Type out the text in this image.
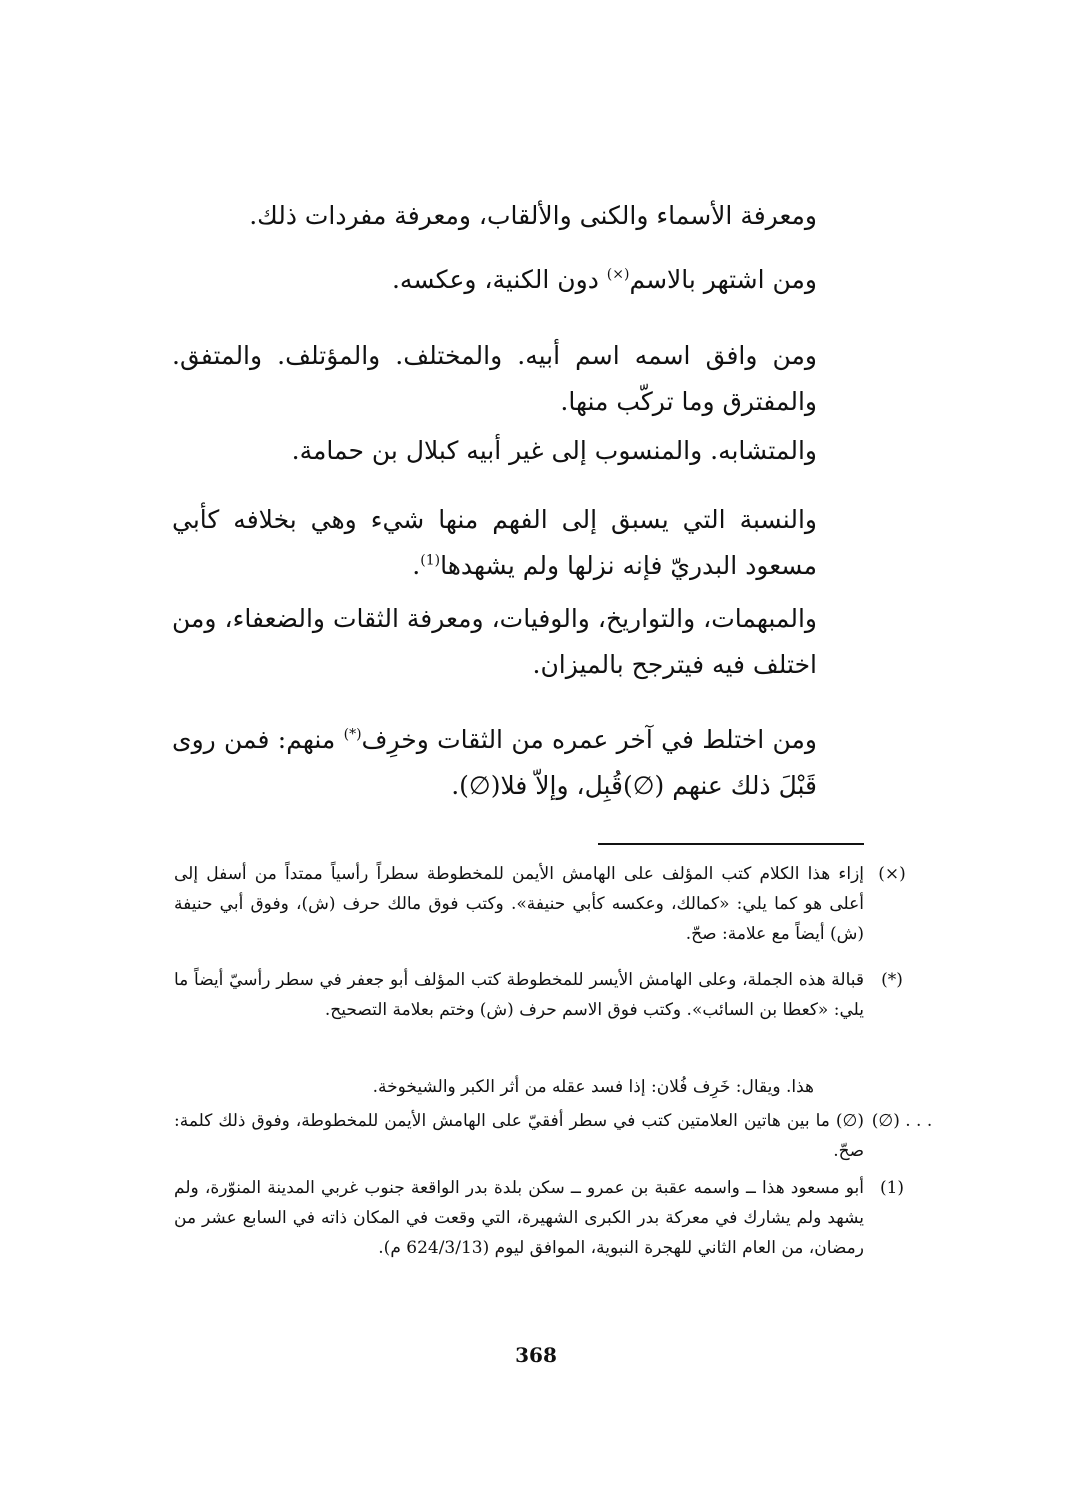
ومعرفة الأسماء والكنى والألقاب، ومعرفة مفردات ذلك.
ومن اشتهر بالاسم(×) دون الكنية، وعكسه.
ومن وافق اسمه اسم أبيه. والمختلف. والمؤتلف. والمتفق. والمفترق وما تركّب منها.
والمتشابه. والمنسوب إلى غير أبيه كبلال بن حمامة.
والنسبة التي يسبق إلى الفهم منها شيء وهي بخلافه كأبي مسعود البدريّ فإنه نزلها ولم يشهدها$^{(1)}$.
والمبهمات، والتواريخ، والوفيات، ومعرفة الثقات والضعفاء، ومن اختلف فيه فيترجح بالميزان.
ومن اختلط في آخر عمره من الثقات وخرِف(*) منهم: فمن روى قَبْلَ ذلك عنهم (∅)قُبِل، وإلاّ فلا(∅).
(×)
إزاء هذا الكلام كتب المؤلف على الهامش الأيمن للمخطوطة سطراً رأسياً ممتداً من أسفل إلى أعلى هو كما يلي: «كمالك، وعكسه كأبي حنيفة». وكتب فوق مالك حرف (ش)، وفوق أبي حنيفة (ش) أيضاً مع علامة: صحّ.
(*)
قبالة هذه الجملة، وعلى الهامش الأيسر للمخطوطة كتب المؤلف أبو جعفر في سطر رأسيّ أيضاً ما يلي: «كعطا بن السائب». وكتب فوق الاسم حرف (ش) وختم بعلامة التصحيح.
هذا. ويقال: خَرِف فُلان: إذا فسد عقله من أثر الكبر والشيخوخة.
(∅) . . .
(∅) ما بين هاتين العلامتين كتب في سطر أفقيّ على الهامش الأيمن للمخطوطة، وفوق ذلك كلمة: صحّ.
(1)
أبو مسعود هذا ــ واسمه عقبة بن عمرو ــ سكن بلدة بدر الواقعة جنوب غربي المدينة المنوّرة، ولم يشهد ولم يشارك في معركة بدر الكبرى الشهيرة، التي وقعت في المكان ذاته في السابع عشر من رمضان، من العام الثاني للهجرة النبوية، الموافق ليوم (624/3/13 م).
368
